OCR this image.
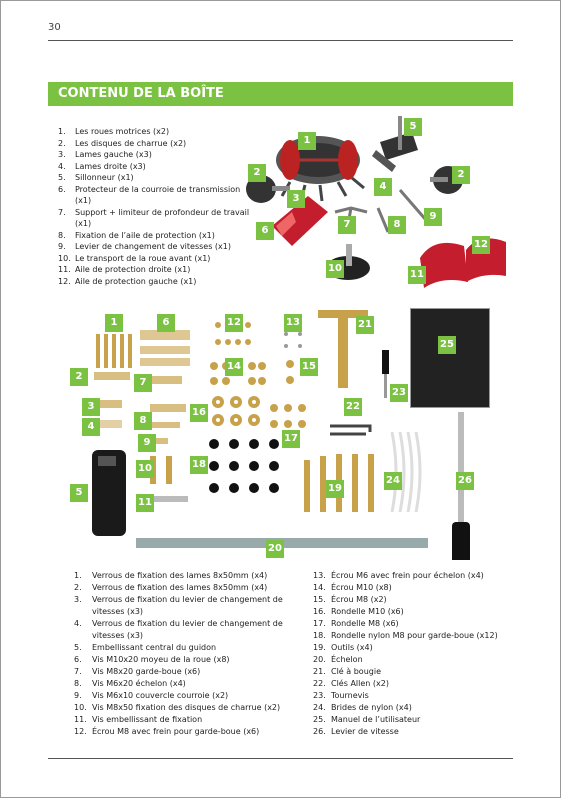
30
CONTENU DE LA BOÎTE
1.	Les roues motrices (x2)
2.	Les disques de charrue (x2)
3.	Lames gauche (x3)
4.	Lames droite (x3)
5.	Sillonneur (x1)
6.	Protecteur de la courroie de transmission (x1)
7.	Support + limiteur de profondeur de travail (x1)
8.	Fixation de l’aile de protection (x1)
9.	Levier de changement de vitesses (x1)
10. Le transport de la roue avant (x1)
11. Aile de protection droite (x1)
12. Aile de protection gauche (x1)
1
5
2	2
4
3
9
7	8
6
12
10
11
1	6	12	13	21
25
14	15
2
7
23
3	22
16
8
4
17
9
18
10
24	26
5	19
11
20
1.	Verrous de fixation des lames 8x50mm (x4)
2.	Verrous de fixation des lames 8x50mm (x4)
3.	Verrous de fixation du levier de changement de vitesses (x3)
4.	Verrous de fixation du levier de changement de vitesses (x3)
5.	Embellissant central du guidon
6.	Vis M10x20 moyeu de la roue (x8)
7.	Vis M8x20 garde-boue (x6)
8.	Vis M6x20 échelon (x4)
9.	Vis M6x10 couvercle courroie (x2)
10. Vis M8x50 fixation des disques de charrue (x2)
11. Vis embellissant de fixation
12. Écrou M8 avec frein pour garde-boue (x6)
13. Écrou M6 avec frein pour échelon (x4)
14. Écrou M10 (x8)
15. Écrou M8 (x2)
16. Rondelle M10 (x6)
17. Rondelle M8 (x6)
18. Rondelle nylon M8 pour garde-boue (x12)
19. Outils (x4)
20. Échelon
21. Clé à bougie
22. Clés Allen (x2)
23. Tournevis
24. Brides de nylon (x4)
25. Manuel de l’utilisateur
26. Levier de vitesse
